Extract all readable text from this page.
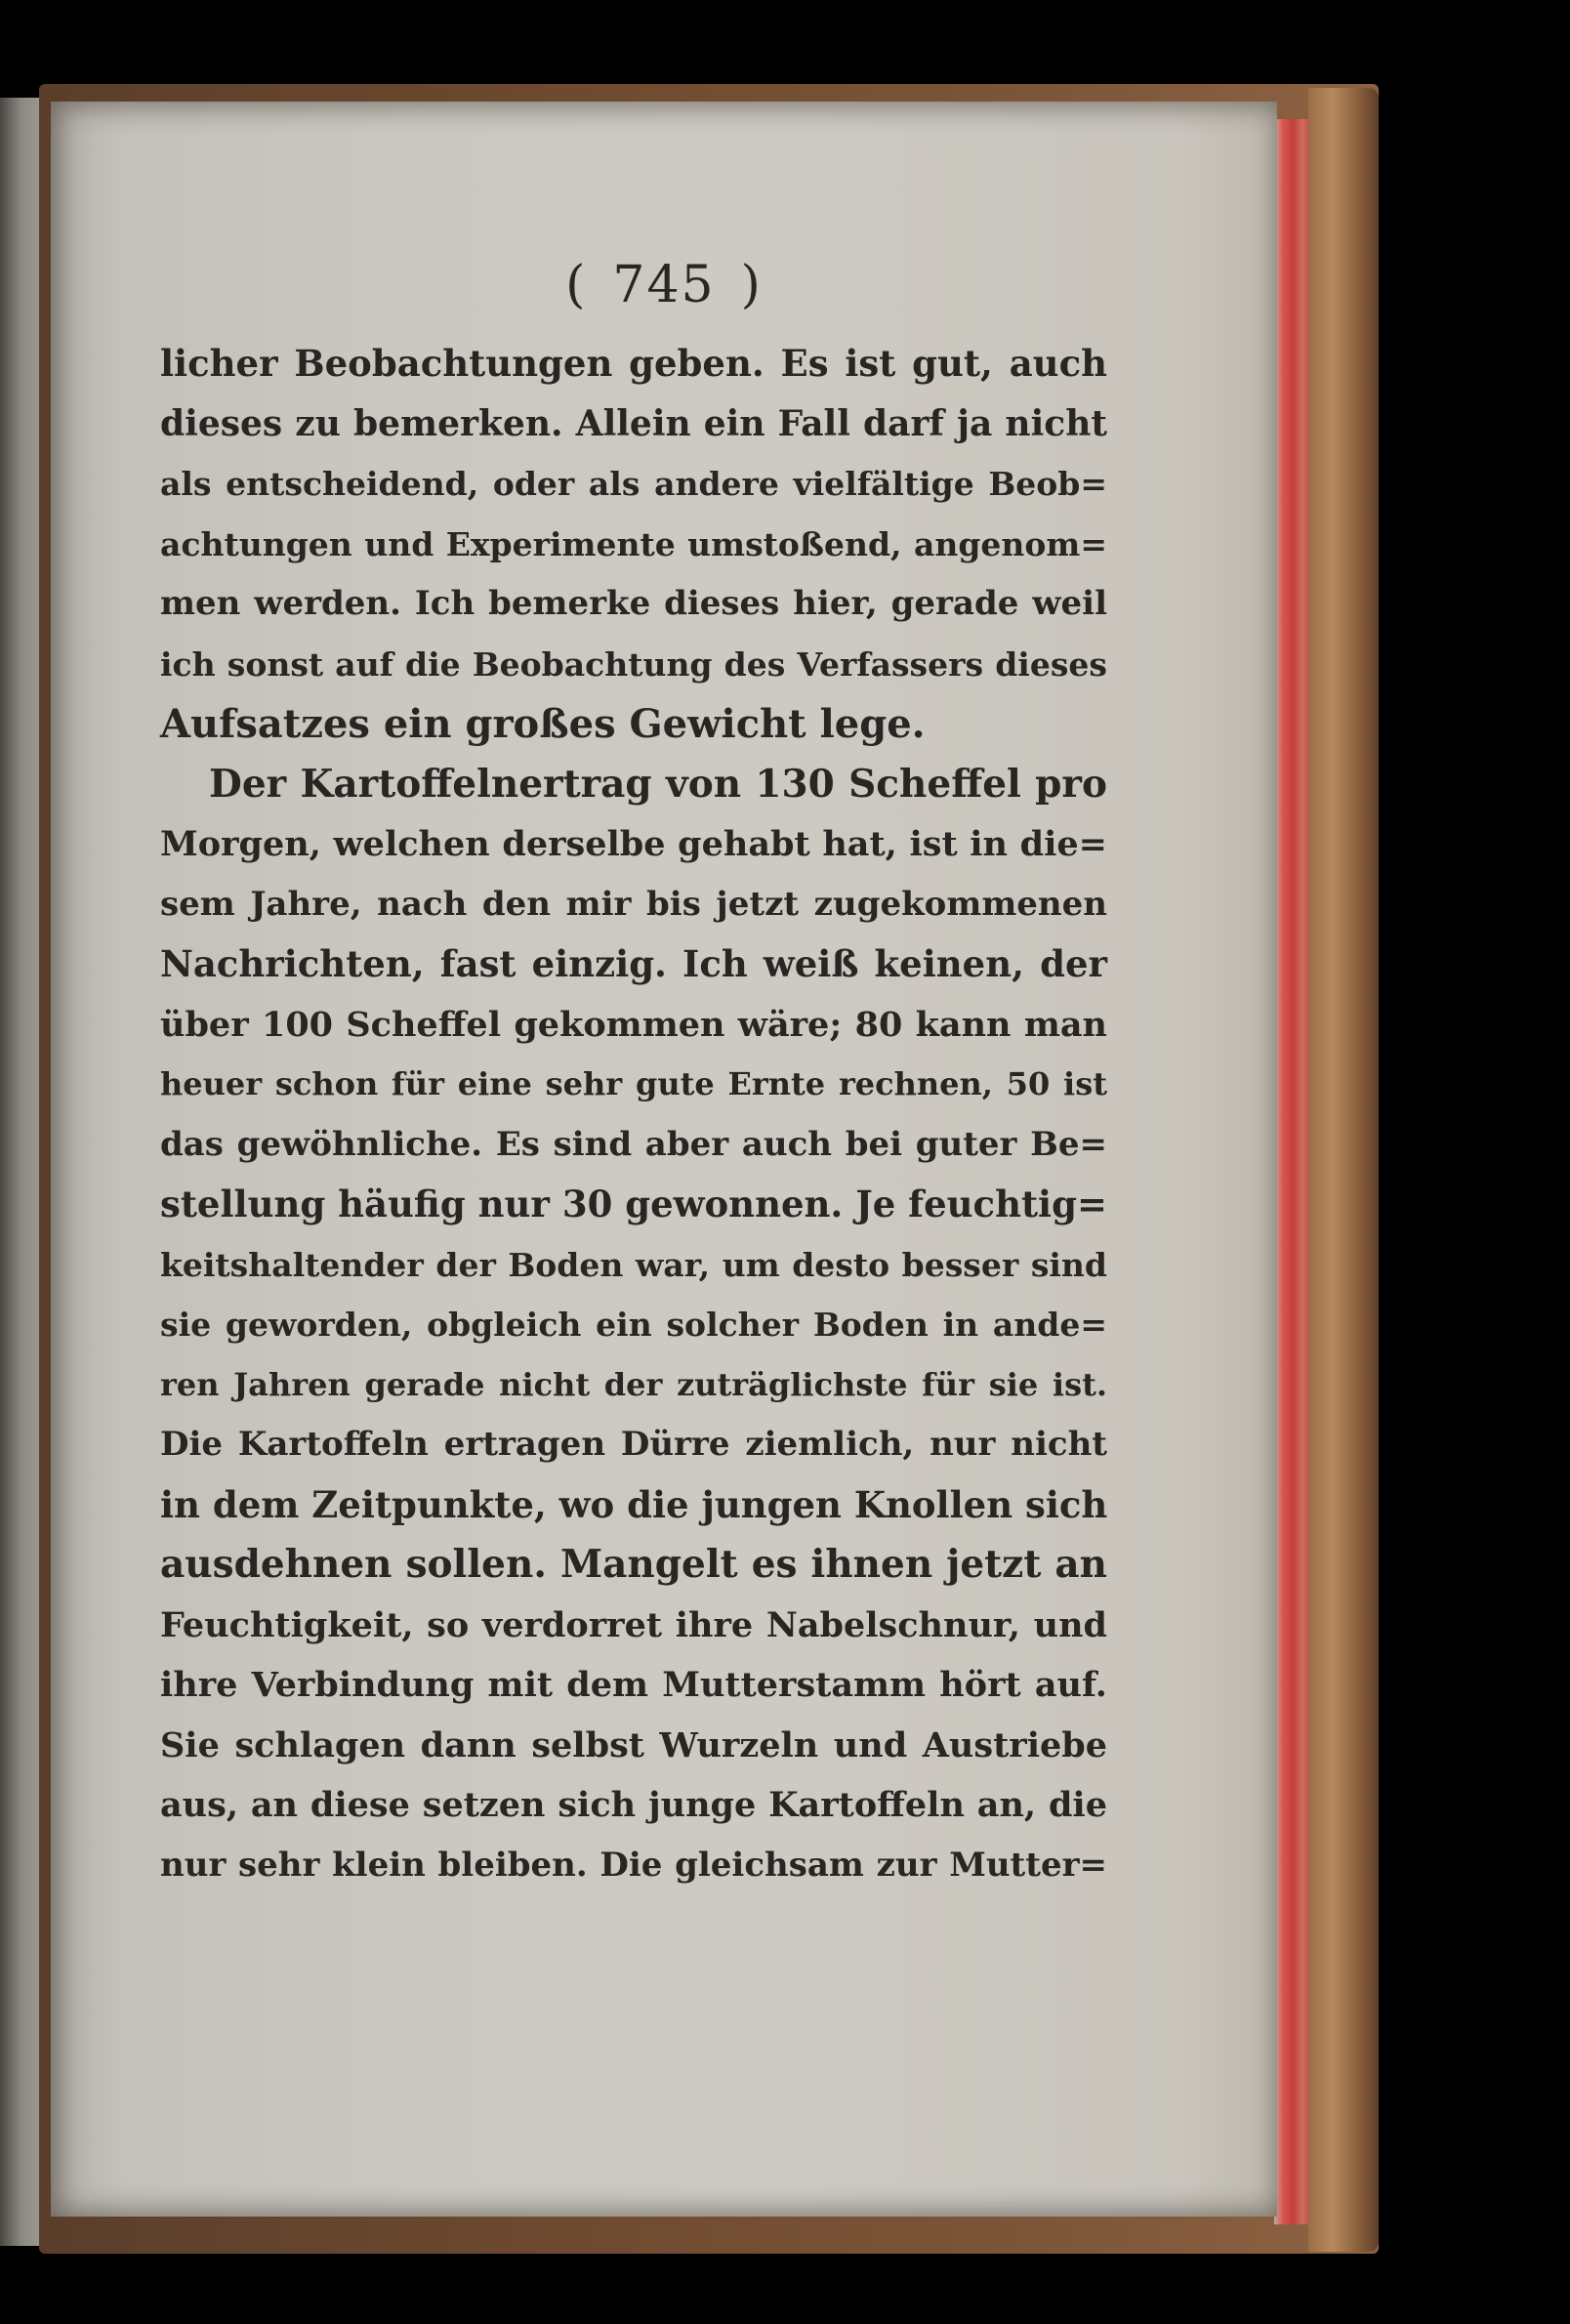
( 745 )
licher Beobachtungen geben. Es ist gut, auch
dieses zu bemerken. Allein ein Fall darf ja nicht
als entscheidend, oder als andere vielfältige Beob=
achtungen und Experimente umstoßend, angenom=
men werden. Ich bemerke dieses hier, gerade weil
ich sonst auf die Beobachtung des Verfassers dieses
Aufsatzes ein großes Gewicht lege.
Der Kartoffelnertrag von 130 Scheffel pro
Morgen, welchen derselbe gehabt hat, ist in die=
sem Jahre, nach den mir bis jetzt zugekommenen
Nachrichten, fast einzig. Ich weiß keinen, der
über 100 Scheffel gekommen wäre; 80 kann man
heuer schon für eine sehr gute Ernte rechnen, 50 ist
das gewöhnliche. Es sind aber auch bei guter Be=
stellung häufig nur 30 gewonnen. Je feuchtig=
keitshaltender der Boden war, um desto besser sind
sie geworden, obgleich ein solcher Boden in ande=
ren Jahren gerade nicht der zuträglichste für sie ist.
Die Kartoffeln ertragen Dürre ziemlich, nur nicht
in dem Zeitpunkte, wo die jungen Knollen sich
ausdehnen sollen. Mangelt es ihnen jetzt an
Feuchtigkeit, so verdorret ihre Nabelschnur, und
ihre Verbindung mit dem Mutterstamm hört auf.
Sie schlagen dann selbst Wurzeln und Austriebe
aus, an diese setzen sich junge Kartoffeln an, die
nur sehr klein bleiben. Die gleichsam zur Mutter=
